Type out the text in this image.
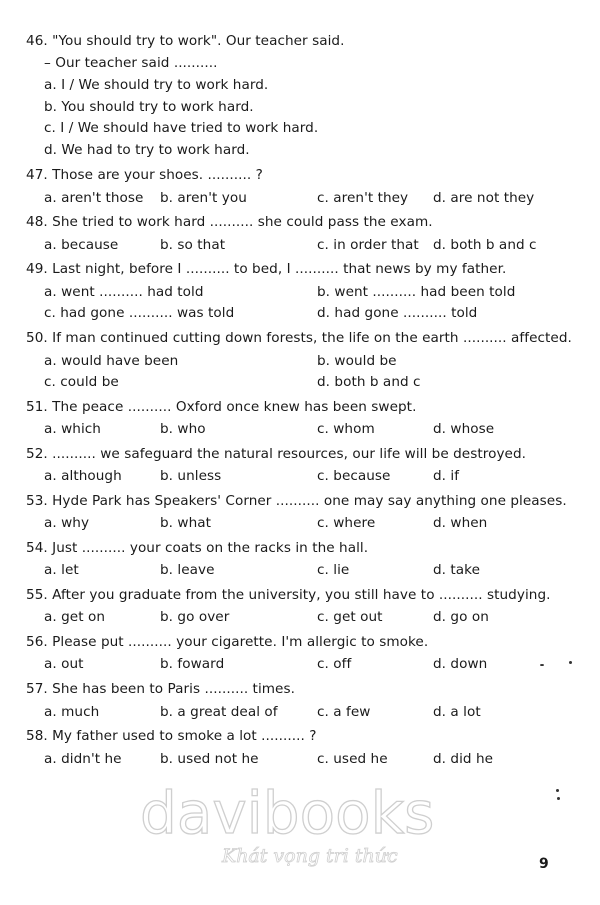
46. "You should try to work". Our teacher said.
– Our teacher said ..........
a. I / We should try to work hard.
b. You should try to work hard.
c. I / We should have tried to work hard.
d. We had to try to work hard.
47. Those are your shoes. .......... ?
a. aren't those b. aren't you	c. aren't they d. are not they
48. She tried to work hard .......... she could pass the exam.
a. because	b. so that	c. in order that d. both b and c
49. Last night, before I .......... to bed, I .......... that news by my father.
a. went .......... had told	b. went .......... had been told
c. had gone .......... was told	d. had gone .......... told
50. If man continued cutting down forests, the life on the earth .......... affected.
a. would have been	b. would be
c. could be	d. both b and c
51. The peace .......... Oxford once knew has been swept.
a. which	b. who	c. whom	d. whose
52. .......... we safeguard the natural resources, our life will be destroyed.
a. although	b. unless	c. because	d. if
53. Hyde Park has Speakers' Corner .......... one may say anything one pleases.
a. why	b. what	c. where	d. when
54. Just .......... your coats on the racks in the hall.
a. let	b. leave	c. lie	d. take
55. After you graduate from the university, you still have to .......... studying.
a. get on	b. go over	c. get out	d. go on
56. Please put .......... your cigarette. I'm allergic to smoke.
a. out	b. foward	c. off	d. down
57. She has been to Paris .......... times.
a. much	b. a great deal of	c. a few	d. a lot
58. My father used to smoke a lot .......... ?
a. didn't he	b. used not he	c. used he	d. did he
davibooks
Khát vọng tri thức	9
